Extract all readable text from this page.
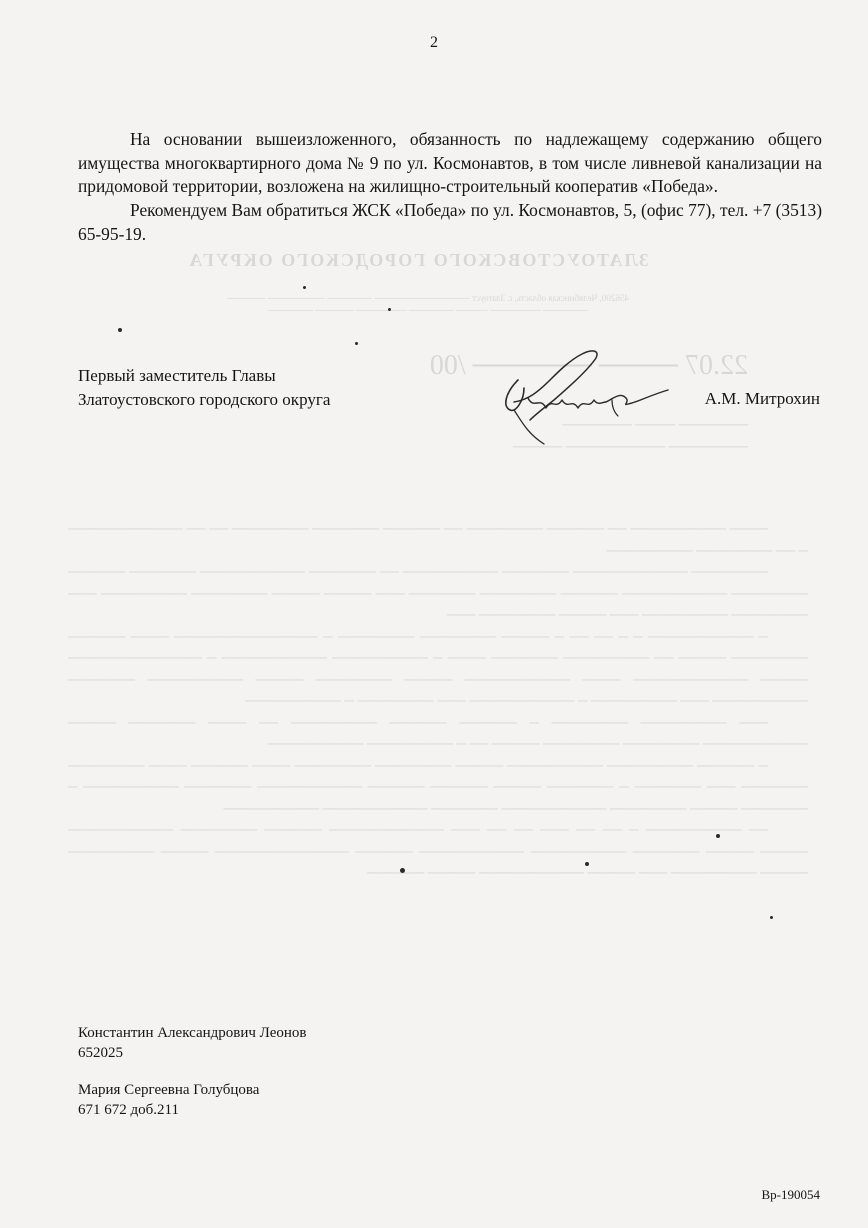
ЗЛАТОУСТОВСКОГО ГОРОДСКОГО ОКРУГА
456200, Челябинская область, г. Златоуст ─────────────── ─────── ───────── ──────
─────── ──────── ───── ─────── ──────── ────── ───────
22.07 ──── ────── /00
─────── ──── ───────
──────── ────────── ─────

──── ────────── ── ────── ──────── ── ────── ─────── ──────── ── ── ──────────── ─ ── ──────── ─────────

──────── ──────────── ─────── ────────── ── ─────── ─────────── ─────── ────── ──────── ─────────── ────── ──────── ─────── ─── ───── ───── ──────── ───────── ─── ──────── ───────── ─── ───── ──────── ───

─ ─────────── ─ ─ ── ── ─ ───── ──────── ──────── ─ ─────────────── ──── ────── ──────── ───── ── ───────── ─────── ──── ─ ────────── ─────────── ─ ────────────── ───── ──────────── ──── ─────────── ───── ──────── ───── ────────── ─────── ────────── ─── ───────── ─ ─────────── ─── ──────── ─ ──────────

─── ───────── ──────── ─ ────── ────── ───────── ── ──── ─────── ───── ─────────── ──────── ──────── ───── ── ─ ───────── ──────────

─ ────── ───────── ────────── ───── ──────── ──────── ──── ────── ──── ──────── ─────── ─── ─────── ─ ─────── ───── ────── ────── ─────────── ─────── ────────── ─ ─────── ───── ──────── ─────────── ─────── ─────────── ──────────

── ────────── ─ ── ── ─── ── ── ─── ──────────── ────── ──────── ─────────── ───── ───── ─────── ────────── ─────────── ────── ────────────── ───── ───────── ───── ───────── ─── ───── ─────────── ───── ──────

2

На основании вышеизложенного, обязанность по надлежащему содержанию общего имущества многоквартирного дома № 9 по ул. Космонавтов, в том числе ливневой канализации на придомовой территории, возложена на жилищно-строительный кооператив «Победа».

Рекомендуем Вам обратиться ЖСК «Победа» по ул. Космонавтов, 5, (офис 77), тел. +7 (3513) 65-95-19.

Первый заместитель Главы
Златоустовского городского округа	А.М. Митрохин
Константин Александрович Леонов
652025
Мария Сергеевна Голубцова
671 672 доб.211
Вр-190054
